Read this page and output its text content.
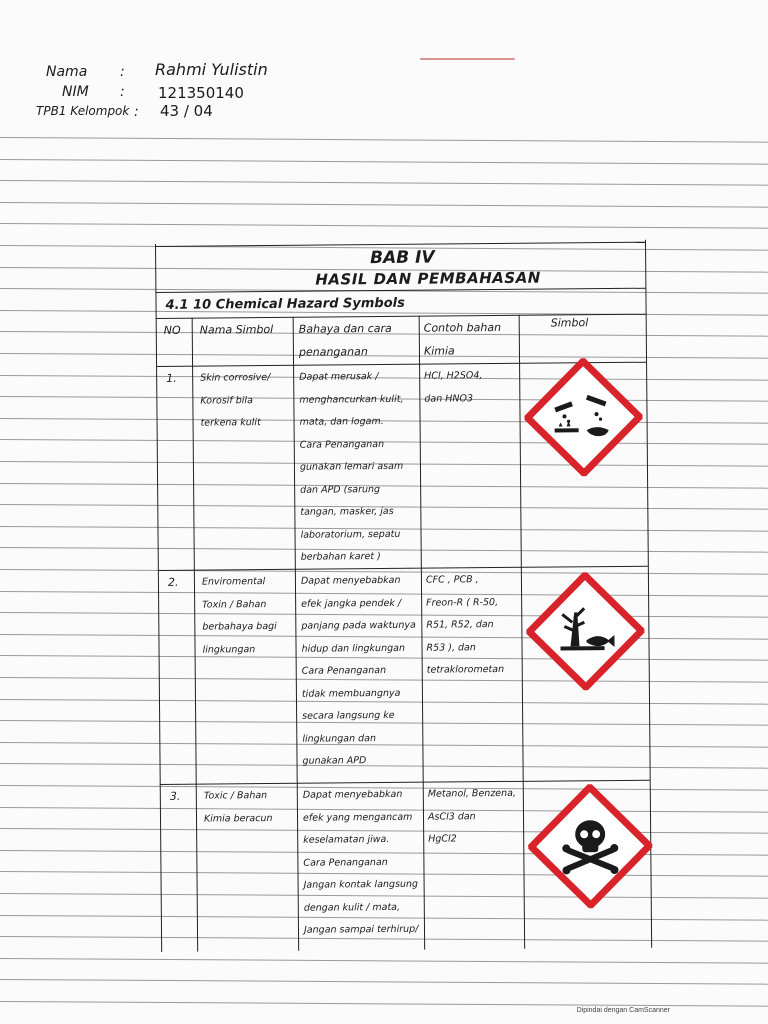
Nama : Rahmi Yulistin
NIM : 121350140
TPB1 Kelompok : 43 / 04
BAB IV
HASIL DAN PEMBAHASAN
4.1 10 Chemical Hazard Symbols
NO Nama Simbol Bahaya dan cara
penanganan
Contoh bahan
Kimia
Simbol
1. Skin corrosive/
Korosif bila
terkena kulit
Dapat merusak /
menghancurkan kulit,
mata, dan logam.
Cara Penanganan
gunakan lemari asam
dan APD (sarung
tangan, masker, jas
laboratorium, sepatu
berbahan karet )
HCl, H2SO4,
dan HNO3
2. Enviromental
Toxin / Bahan
berbahaya bagi
lingkungan
Dapat menyebabkan
efek jangka pendek /
panjang pada waktunya
hidup dan lingkungan
Cara Penanganan
tidak membuangnya
secara langsung ke
lingkungan dan
gunakan APD
CFC , PCB ,
Freon-R ( R-50,
R51, R52, dan
R53 ), dan
tetraklorometan
3. Toxic / Bahan
Kimia beracun
Dapat menyebabkan
efek yang mengancam
keselamatan jiwa.
Cara Penanganan
Jangan kontak langsung
dengan kulit / mata,
Jangan sampai terhirup/
Metanol, Benzena,
AsCl3 dan
HgCl2
Dipindai dengan CamScanner
